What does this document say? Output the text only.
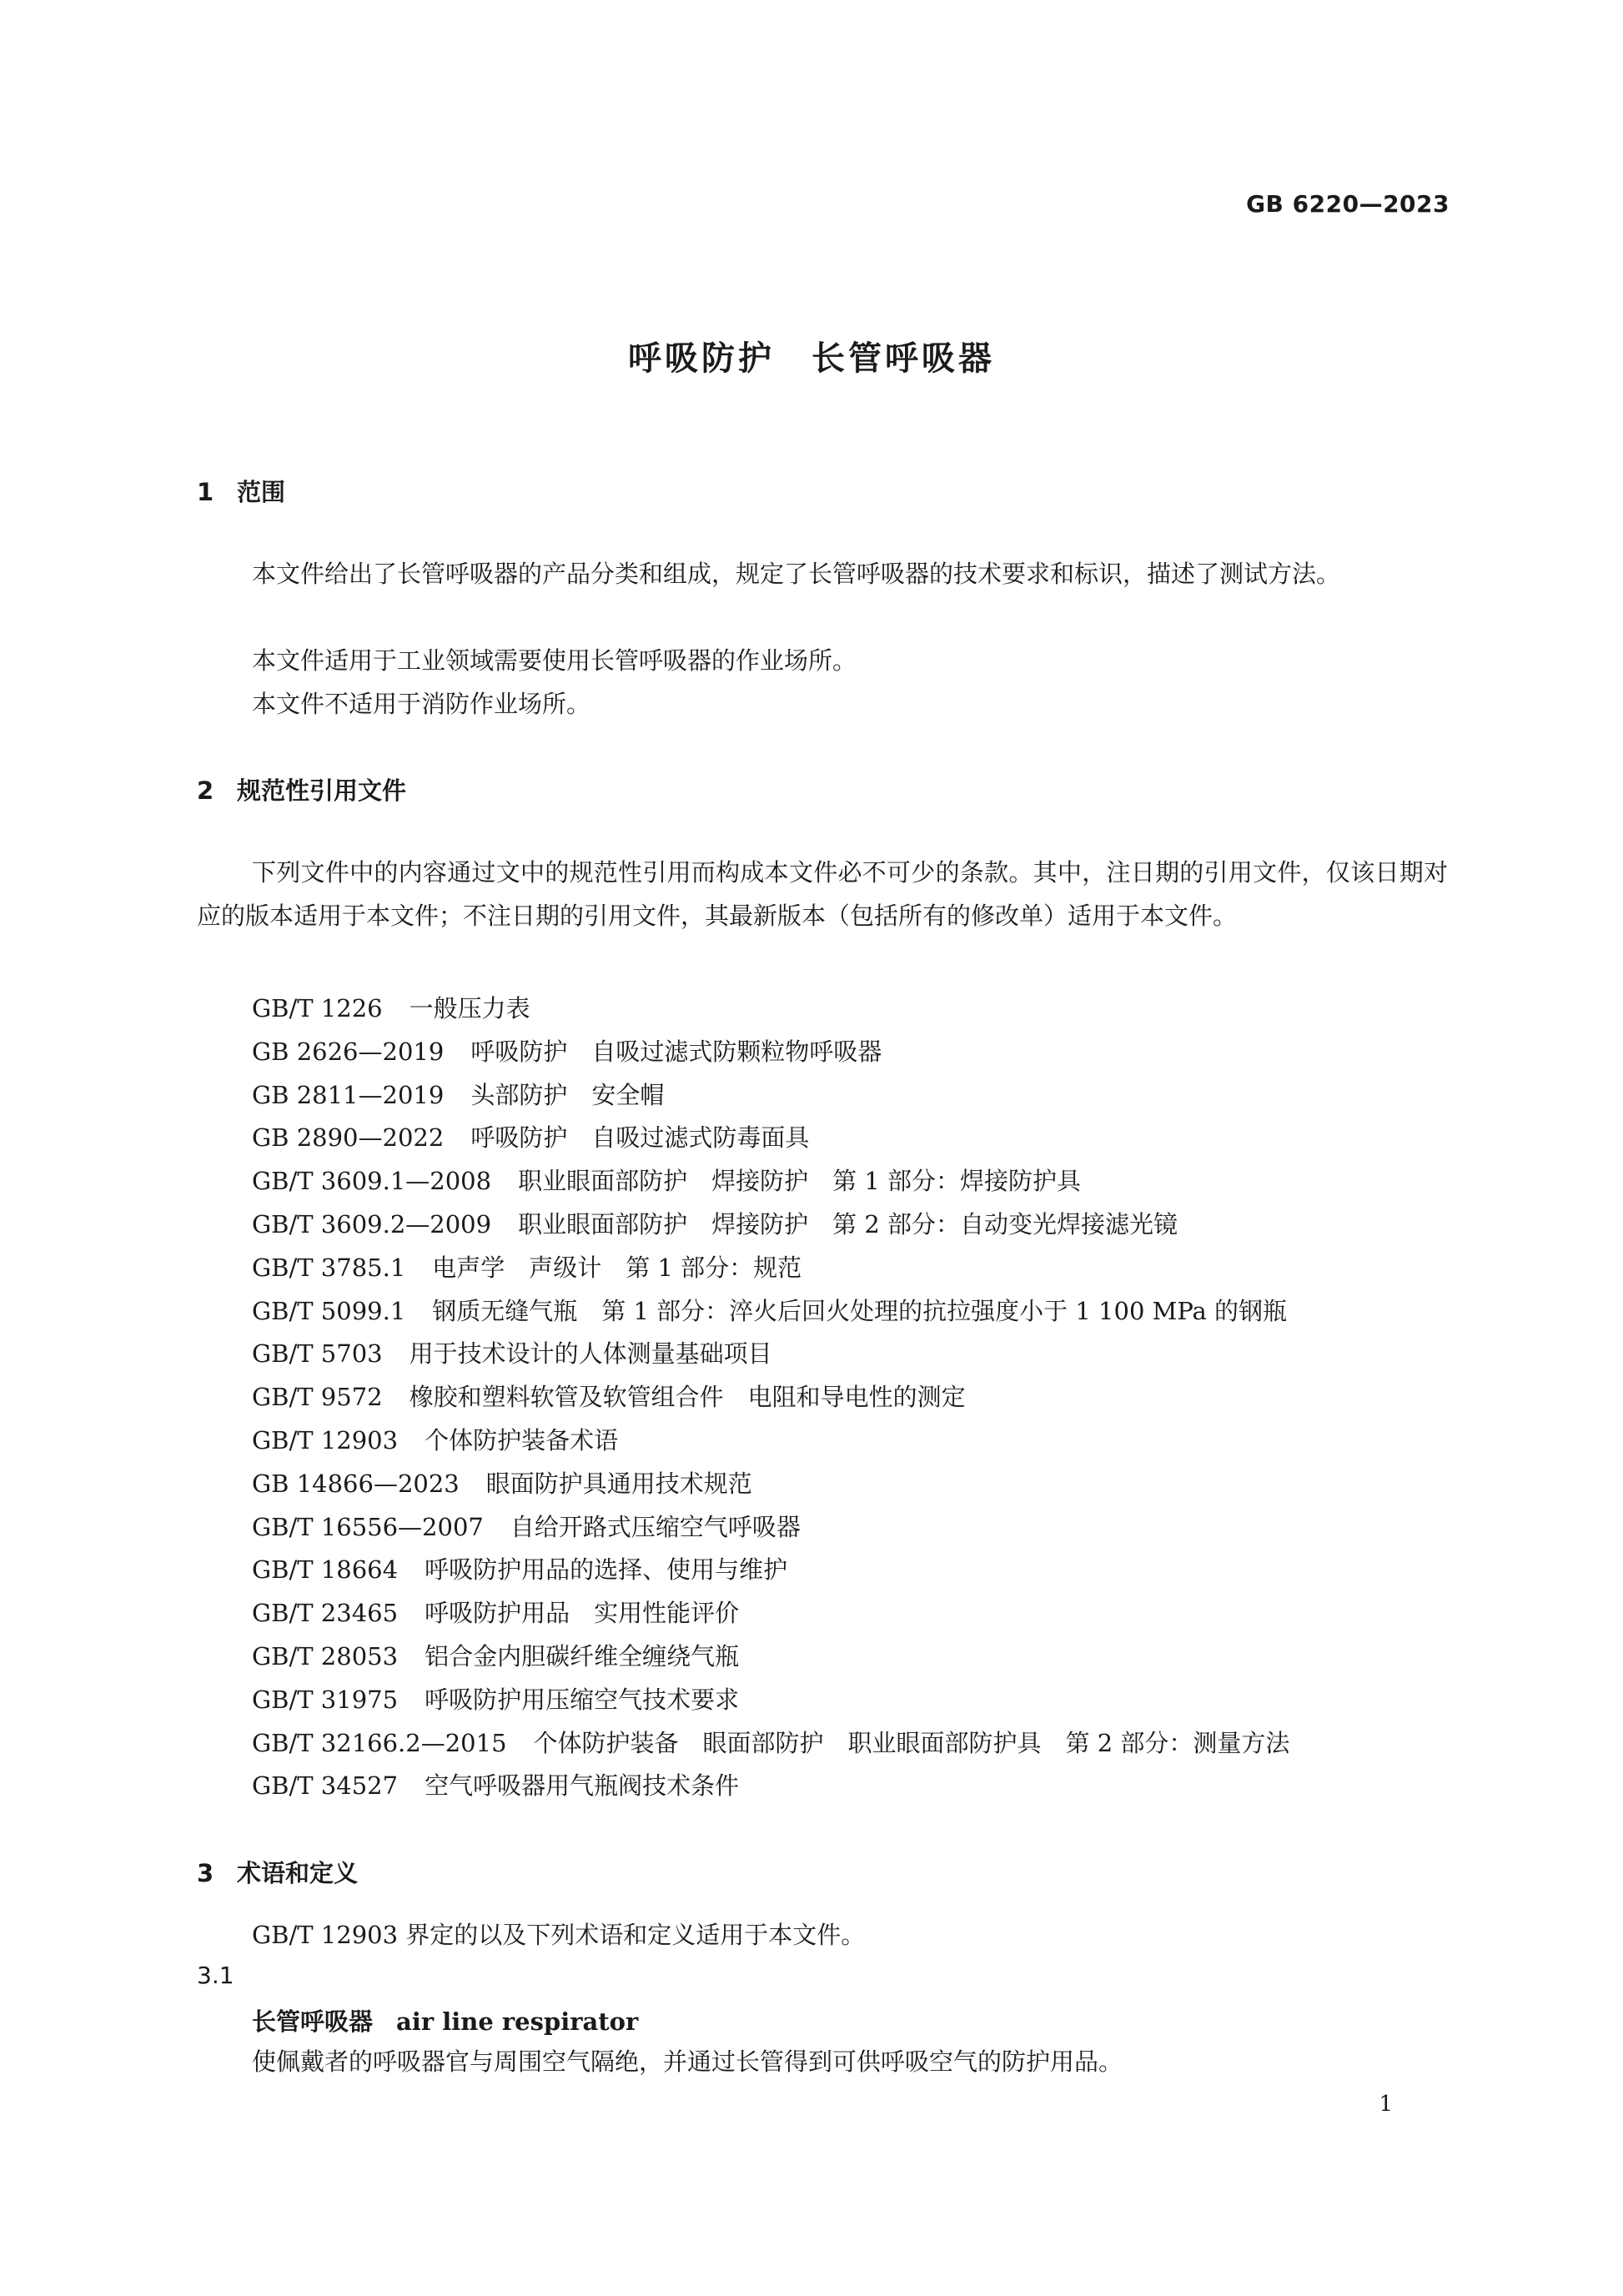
GB 6220—2023
呼吸防护　长管呼吸器
1 范围
本文件给出了长管呼吸器的产品分类和组成，规定了长管呼吸器的技术要求和标识，描述了测试方法。
本文件适用于工业领域需要使用长管呼吸器的作业场所。
本文件不适用于消防作业场所。
2 规范性引用文件
下列文件中的内容通过文中的规范性引用而构成本文件必不可少的条款。其中，注日期的引用文件，仅该日期对应的版本适用于本文件；不注日期的引用文件，其最新版本（包括所有的修改单）适用于本文件。
GB/T 1226 一般压力表
GB 2626—2019 呼吸防护　自吸过滤式防颗粒物呼吸器
GB 2811—2019 头部防护　安全帽
GB 2890—2022 呼吸防护　自吸过滤式防毒面具
GB/T 3609.1—2008 职业眼面部防护　焊接防护　第 1 部分：焊接防护具
GB/T 3609.2—2009 职业眼面部防护　焊接防护　第 2 部分：自动变光焊接滤光镜
GB/T 3785.1 电声学　声级计　第 1 部分：规范
GB/T 5099.1 钢质无缝气瓶　第 1 部分：淬火后回火处理的抗拉强度小于 1 100 MPa 的钢瓶
GB/T 5703 用于技术设计的人体测量基础项目
GB/T 9572 橡胶和塑料软管及软管组合件　电阻和导电性的测定
GB/T 12903 个体防护装备术语
GB 14866—2023 眼面防护具通用技术规范
GB/T 16556—2007 自给开路式压缩空气呼吸器
GB/T 18664 呼吸防护用品的选择、使用与维护
GB/T 23465 呼吸防护用品　实用性能评价
GB/T 28053 铝合金内胆碳纤维全缠绕气瓶
GB/T 31975 呼吸防护用压缩空气技术要求
GB/T 32166.2—2015 个体防护装备　眼面部防护　职业眼面部防护具　第 2 部分：测量方法
GB/T 34527 空气呼吸器用气瓶阀技术条件
3 术语和定义
GB/T 12903 界定的以及下列术语和定义适用于本文件。
3.1
长管呼吸器 air line respirator
使佩戴者的呼吸器官与周围空气隔绝，并通过长管得到可供呼吸空气的防护用品。
1
